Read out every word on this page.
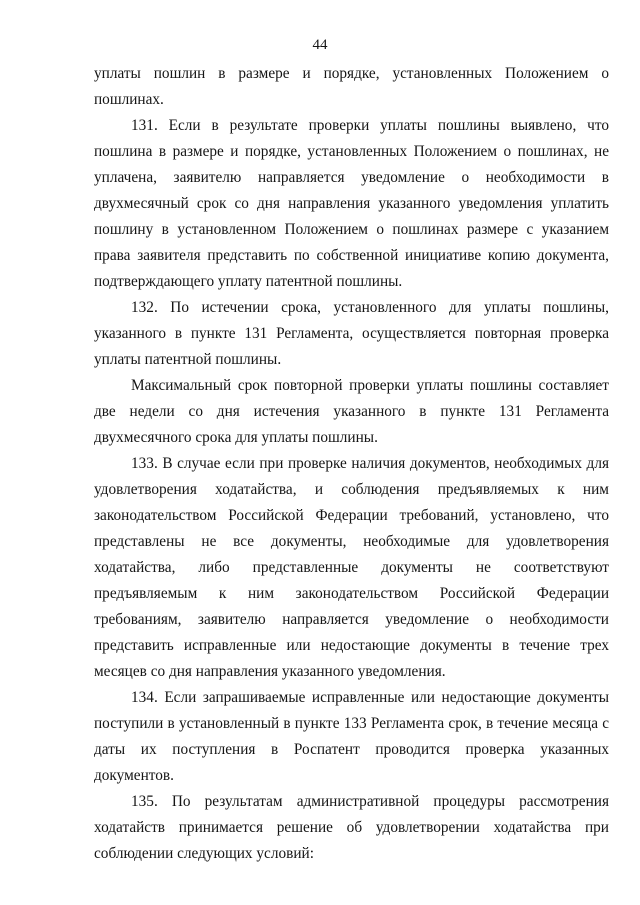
44

уплаты пошлин в размере и порядке, установленных Положением о пошлинах.

131. Если в результате проверки уплаты пошлины выявлено, что пошлина в размере и порядке, установленных Положением о пошлинах, не уплачена, заявителю направляется уведомление о необходимости в двухмесячный срок со дня направления указанного уведомления уплатить пошлину в установленном Положением о пошлинах размере с указанием права заявителя представить по собственной инициативе копию документа, подтверждающего уплату патентной пошлины.

132. По истечении срока, установленного для уплаты пошлины, указанного в пункте 131 Регламента, осуществляется повторная проверка уплаты патентной пошлины.

Максимальный срок повторной проверки уплаты пошлины составляет две недели со дня истечения указанного в пункте 131 Регламента двухмесячного срока для уплаты пошлины.

133. В случае если при проверке наличия документов, необходимых для удовлетворения ходатайства, и соблюдения предъявляемых к ним законодательством Российской Федерации требований, установлено, что представлены не все документы, необходимые для удовлетворения ходатайства, либо представленные документы не соответствуют предъявляемым к ним законодательством Российской Федерации требованиям, заявителю направляется уведомление о необходимости представить исправленные или недостающие документы в течение трех месяцев со дня направления указанного уведомления.

134. Если запрашиваемые исправленные или недостающие документы поступили в установленный в пункте 133 Регламента срок, в течение месяца с даты их поступления в Роспатент проводится проверка указанных документов.

135. По результатам административной процедуры рассмотрения ходатайств принимается решение об удовлетворении ходатайства при соблюдении следующих условий:
